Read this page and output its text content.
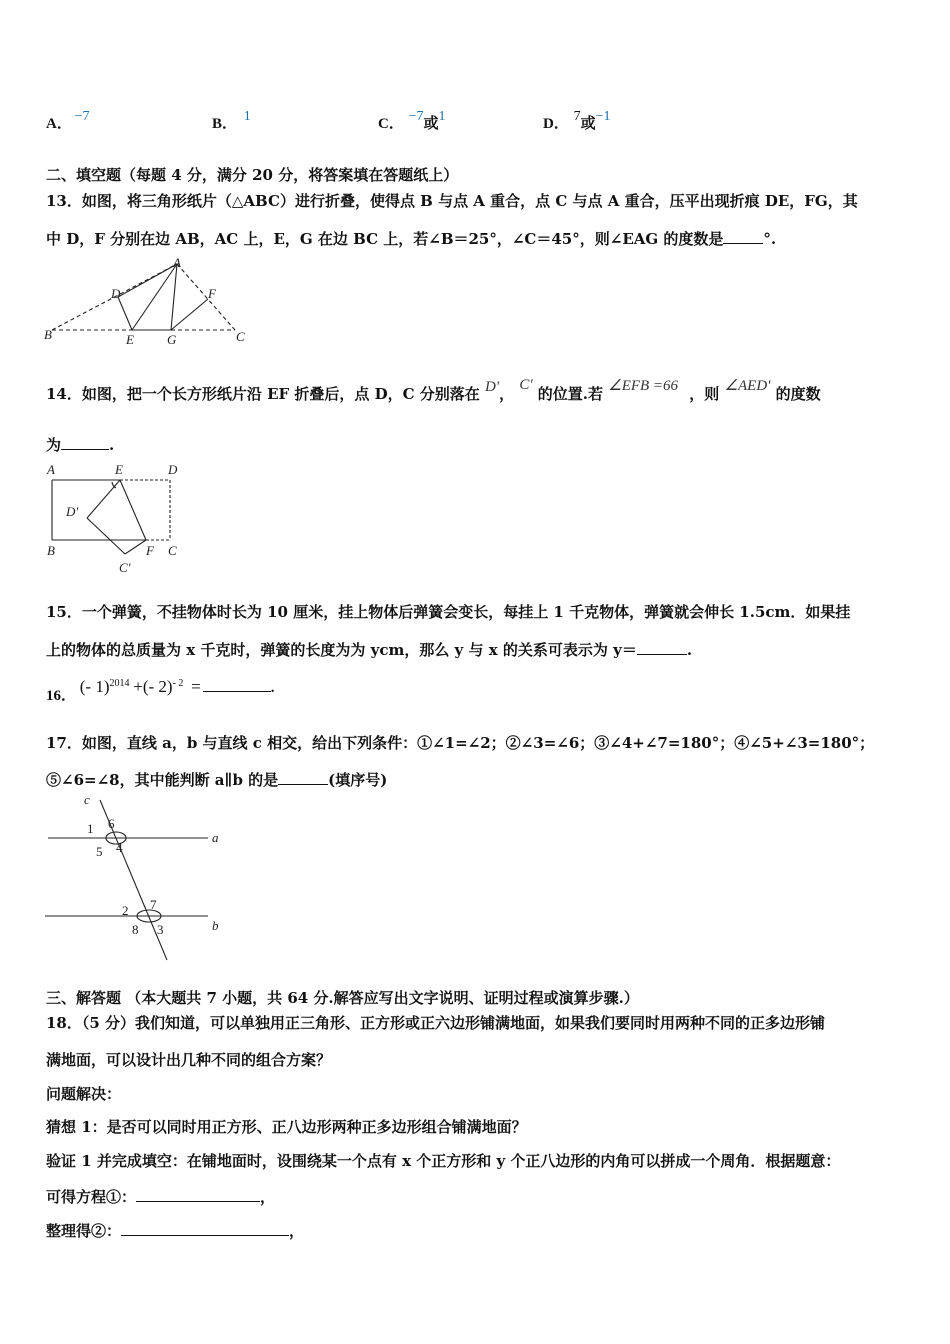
A． −7	B． 1	C． −7或1	D． 7或−1
二、填空题（每题 4 分，满分 20 分，将答案填在答题纸上）
13．如图，将三角形纸片（△ABC）进行折叠，使得点 B 与点 A 重合，点 C 与点 A 重合，压平出现折痕 DE，FG，其
中 D，F 分别在边 AB，AC 上，E，G 在边 BC 上，若∠B＝25°，∠C＝45°，则∠EAG 的度数是	°.
A
B	C
D
E
F
G
14．如图，把一个长方形纸片沿 EF 折叠后，点 D，C 分别落在 D'， C' 的位置.若 ∠EFB =66 ，则 ∠AED' 的度数
为	.
A	E	D
D'
B	F C
C'
15．一个弹簧，不挂物体时长为 10 厘米，挂上物体后弹簧会变长，每挂上 1 千克物体，弹簧就会伸长 1.5cm．如果挂
上的物体的总质量为 x 千克时，弹簧的长度为为 ycm，那么 y 与 x 的关系可表示为 y＝	.
16． (- 1)$^{2014}$ +(- 2)$^{- 2}$ =	.
17．如图，直线 a，b 与直线 c 相交，给出下列条件：①∠1=∠2；②∠3=∠6；③∠4+∠7=180°；④∠5+∠3=180°；
⑤∠6=∠8，其中能判断 a∥b 的是	(填序号)
c
a
b
1 6
5 4
2 7
8 3
三、解答题 （本大题共 7 小题，共 64 分.解答应写出文字说明、证明过程或演算步骤.）
18．（5 分）我们知道，可以单独用正三角形、正方形或正六边形铺满地面，如果我们要同时用两种不同的正多边形铺
满地面，可以设计出几种不同的组合方案？
问题解决：
猜想 1：是否可以同时用正方形、正八边形两种正多边形组合铺满地面？
验证 1 并完成填空：在铺地面时，设围绕某一个点有 x 个正方形和 y 个正八边形的内角可以拼成一个周角．根据题意：
可得方程①：	，
整理得②：	，
